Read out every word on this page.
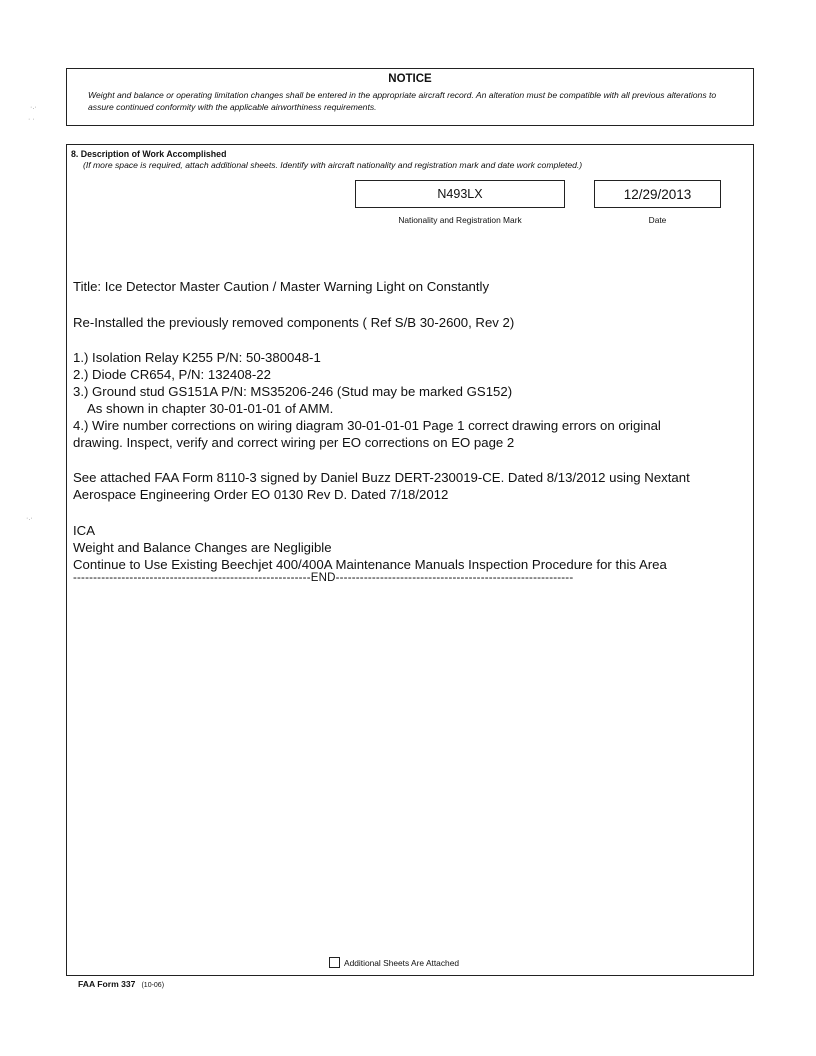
NOTICE
Weight and balance or operating limitation changes shall be entered in the appropriate aircraft record. An alteration must be compatible with all previous alterations to assure continued conformity with the applicable airworthiness requirements.
8. Description of Work Accomplished
(If more space is required, attach additional sheets. Identify with aircraft nationality and registration mark and date work completed.)
N493LX
Nationality and Registration Mark
12/29/2013
Date
Title: Ice Detector Master Caution / Master Warning Light on Constantly
Re-Installed the previously removed components ( Ref S/B 30-2600, Rev 2)
1.) Isolation Relay K255 P/N: 50-380048-1
2.) Diode CR654, P/N: 132408-22
3.) Ground stud GS151A P/N: MS35206-246 (Stud may be marked GS152)
As shown in chapter 30-01-01-01 of AMM.
4.) Wire number corrections on wiring diagram 30-01-01-01 Page 1 correct drawing errors on original
drawing. Inspect, verify and correct wiring per EO corrections on EO page 2
See attached FAA Form 8110-3 signed by Daniel Buzz DERT-230019-CE. Dated 8/13/2012 using Nextant
Aerospace Engineering Order EO 0130 Rev D. Dated 7/18/2012
ICA
Weight and Balance Changes are Negligible
Continue to Use Existing Beechjet 400/400A Maintenance Manuals Inspection Procedure for this Area
-----------------------------------------------------------END-----------------------------------------------------------
Additional Sheets Are Attached
FAA Form 337 (10-06)
·.·
· ·
·.·
